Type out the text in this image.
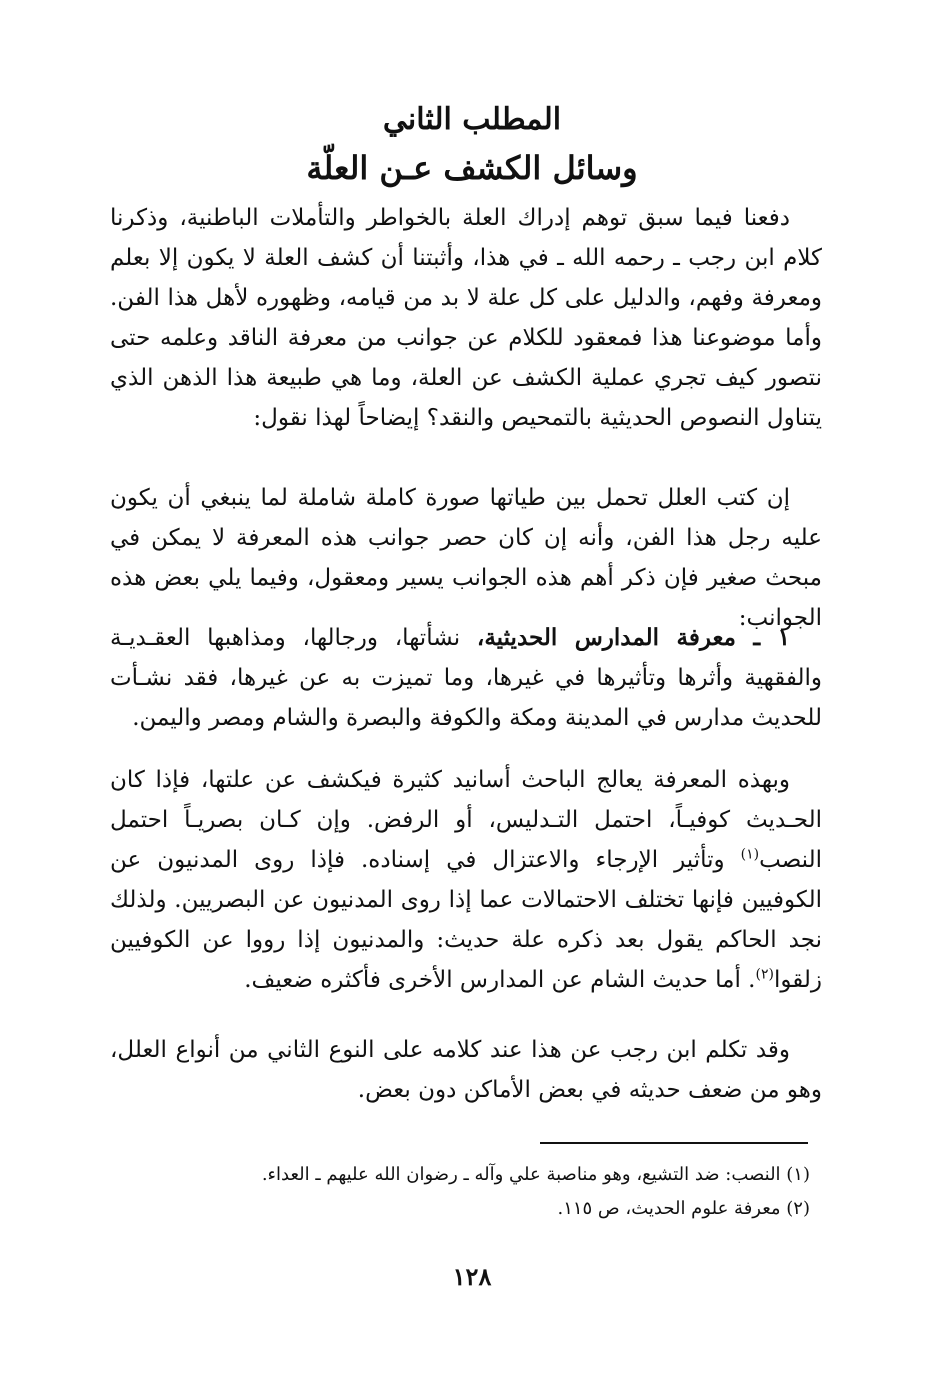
المطلب الثاني
وسائل الكشف عـن العلّة

دفعنا فيما سبق توهم إدراك العلة بالخواطر والتأملات الباطنية، وذكرنا كلام ابن رجب ـ رحمه الله ـ في هذا، وأثبتنا أن كشف العلة لا يكون إلا بعلم ومعرفة وفهم، والدليل على كل علة لا بد من قيامه، وظهوره لأهل هذا الفن. وأما موضوعنا هذا فمعقود للكلام عن جوانب من معرفة الناقد وعلمه حتى نتصور كيف تجري عملية الكشف عن العلة، وما هي طبيعة هذا الذهن الذي يتناول النصوص الحديثية بالتمحيص والنقد؟ إيضاحاً لهذا نقول:

إن كتب العلل تحمل بين طياتها صورة كاملة شاملة لما ينبغي أن يكون عليه رجل هذا الفن، وأنه إن كان حصر جوانب هذه المعرفة لا يمكن في مبحث صغير فإن ذكر أهم هذه الجوانب يسير ومعقول، وفيما يلي بعض هذه الجوانب:

١ ـ معرفة المدارس الحديثية، نشأتها، ورجالها، ومذاهبها العقـديـة والفقهية وأثرها وتأثيرها في غيرها، وما تميزت به عن غيرها، فقد نشـأت للحديث مدارس في المدينة ومكة والكوفة والبصرة والشام ومصر واليمن.

وبهذه المعرفة يعالج الباحث أسانيد كثيرة فيكشف عن علتها، فإذا كان الحـديث كوفيـاً، احتمل التـدليس، أو الرفض. وإن كـان بصريـاً احتمل النصب$^{(١)}$ وتأثير الإرجاء والاعتزال في إسناده. فإذا روى المدنيون عن الكوفيين فإنها تختلف الاحتمالات عما إذا روى المدنيون عن البصريين. ولذلك نجد الحاكم يقول بعد ذكره علة حديث: والمدنيون إذا رووا عن الكوفيين زلقوا$^{(٢)}$. أما حديث الشام عن المدارس الأخرى فأكثره ضعيف.

وقد تكلم ابن رجب عن هذا عند كلامه على النوع الثاني من أنواع العلل، وهو من ضعف حديثه في بعض الأماكن دون بعض.

(١) النصب: ضد التشيع، وهو مناصبة علي وآله ـ رضوان الله عليهم ـ العداء.

(٢) معرفة علوم الحديث، ص ١١٥.

١٢٨
